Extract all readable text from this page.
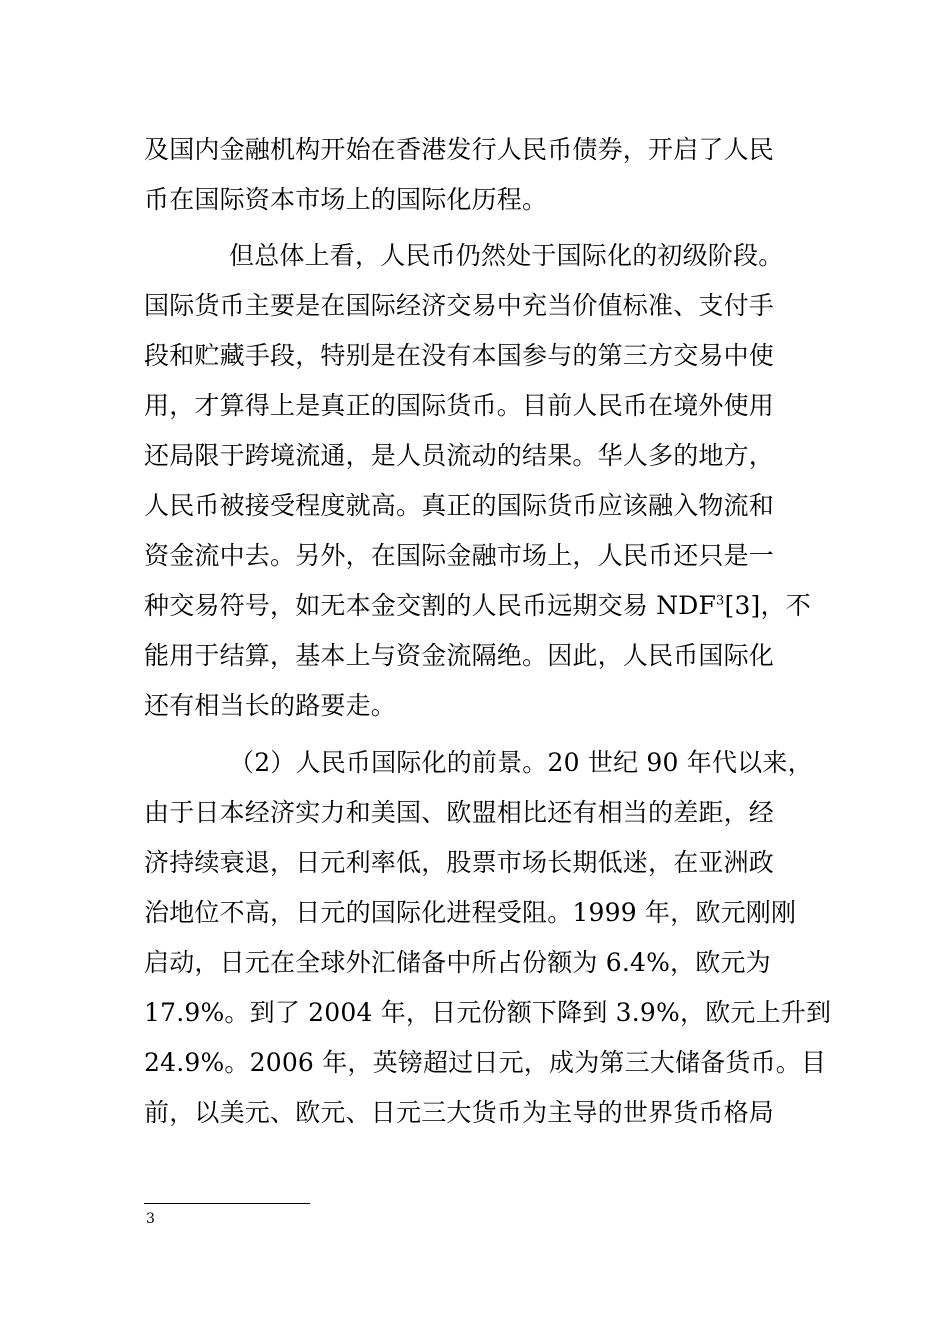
及国内金融机构开始在香港发行人民币债券，开启了人民
币在国际资本市场上的国际化历程。
但总体上看，人民币仍然处于国际化的初级阶段。
国际货币主要是在国际经济交易中充当价值标准、支付手
段和贮藏手段，特别是在没有本国参与的第三方交易中使
用，才算得上是真正的国际货币。目前人民币在境外使用
还局限于跨境流通，是人员流动的结果。华人多的地方，
人民币被接受程度就高。真正的国际货币应该融入物流和
资金流中去。另外，在国际金融市场上，人民币还只是一
种交易符号，如无本金交割的人民币远期交易 NDF$^3$[3]，不
能用于结算，基本上与资金流隔绝。因此，人民币国际化
还有相当长的路要走。
（2）人民币国际化的前景。20 世纪 90 年代以来，
由于日本经济实力和美国、欧盟相比还有相当的差距，经
济持续衰退，日元利率低，股票市场长期低迷，在亚洲政
治地位不高，日元的国际化进程受阻。1999 年，欧元刚刚
启动，日元在全球外汇储备中所占份额为 6.4%，欧元为
17.9%。到了 2004 年，日元份额下降到 3.9%，欧元上升到
24.9%。2006 年，英镑超过日元，成为第三大储备货币。目
前，以美元、欧元、日元三大货币为主导的世界货币格局
3
